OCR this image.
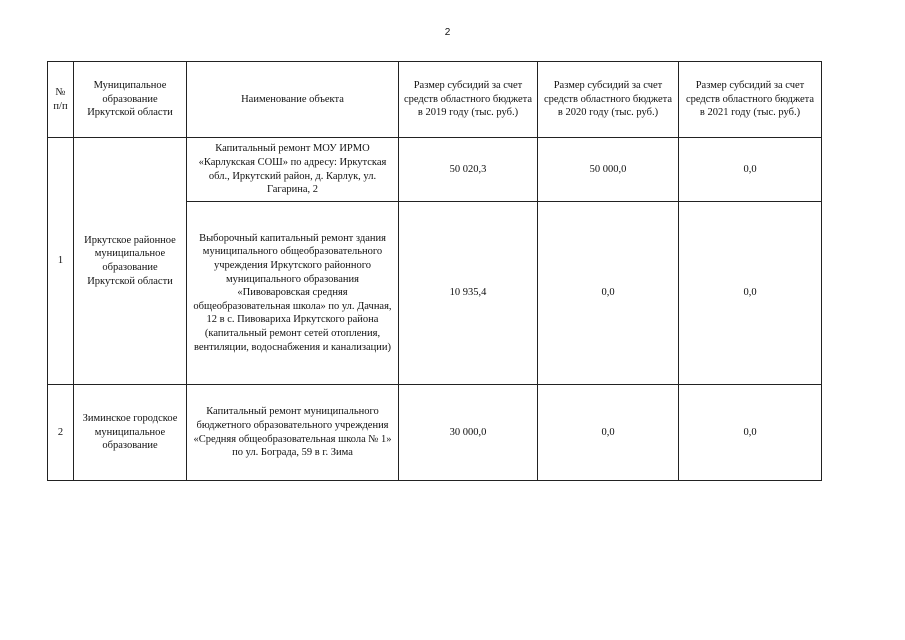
2
№ п/п	Муниципальное образование Иркутской области	Наименование объекта	Размер субсидий за счет средств областного бюджета в 2019 году (тыс. руб.)	Размер субсидий за счет средств областного бюджета в 2020 году (тыс. руб.)	Размер субсидий за счет средств областного бюджета в 2021 году (тыс. руб.)
1	Иркутское районное муниципальное образование Иркутской области	Капитальный ремонт МОУ ИРМО «Карлукская СОШ» по адресу: Иркутская обл., Иркутский район, д. Карлук, ул. Гагарина, 2	50 020,3	50 000,0	0,0
		Выборочный капитальный ремонт здания муниципального общеобразовательного учреждения Иркутского районного муниципального образования «Пивоваровская средняя общеобразовательная школа» по ул. Дачная, 12 в с. Пивовариха Иркутского района (капитальный ремонт сетей отопления, вентиляции, водоснабжения и канализации)	10 935,4	0,0	0,0
2	Зиминское городское муниципальное образование	Капитальный ремонт муниципального бюджетного образовательного учреждения «Средняя общеобразовательная школа № 1» по ул. Бограда, 59 в г. Зима	30 000,0	0,0	0,0
